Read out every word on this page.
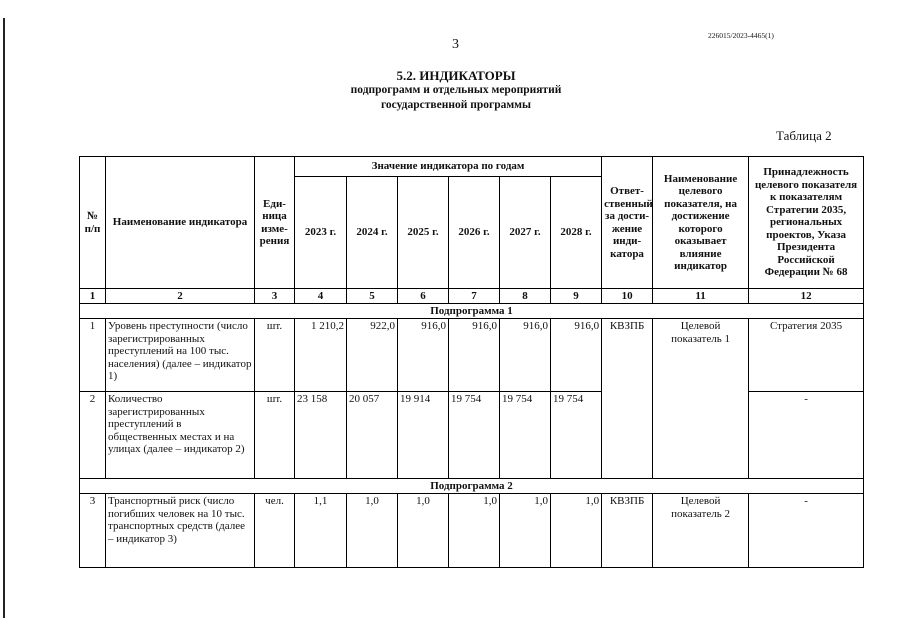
226015/2023-4465(1)
3
5.2. ИНДИКАТОРЫ
подпрограмм и отдельных мероприятий
государственной программы
Таблица 2
№ п/п	Наименование индикатора	Еди-ница изме-рения	Значение индикатора по годам						Ответ-ственный за дости-жение инди-катора	Наименование целевого показателя, на достижение которого оказывает влияние индикатор	Принадлежность целевого показателя к показателям Стратегии 2035, региональных проектов, Указа Президента Российской Федерации № 68
			2023 г.	2024 г.	2025 г.	2026 г.	2027 г.	2028 г.			
1	2	3	4	5	6	7	8	9	10	11	12
Подпрограмма 1											
1	Уровень преступности (число зарегистрированных преступлений на 100 тыс. населения) (далее – индикатор 1)	шт.	1 210,2	922,0	916,0	916,0	916,0	916,0	КВЗПБ	Целевой показатель 1	Стратегия 2035
2	Количество зарегистрированных преступлений в общественных местах и на улицах (далее – индикатор 2)	шт.	23 158	20 057	19 914	19 754	19 754	19 754			-
Подпрограмма 2											
3	Транспортный риск (число погибших человек на 10 тыс. транспортных средств (далее – индикатор 3)	чел.	1,1	1,0	1,0	1,0	1,0	1,0	КВЗПБ	Целевой показатель 2	-
